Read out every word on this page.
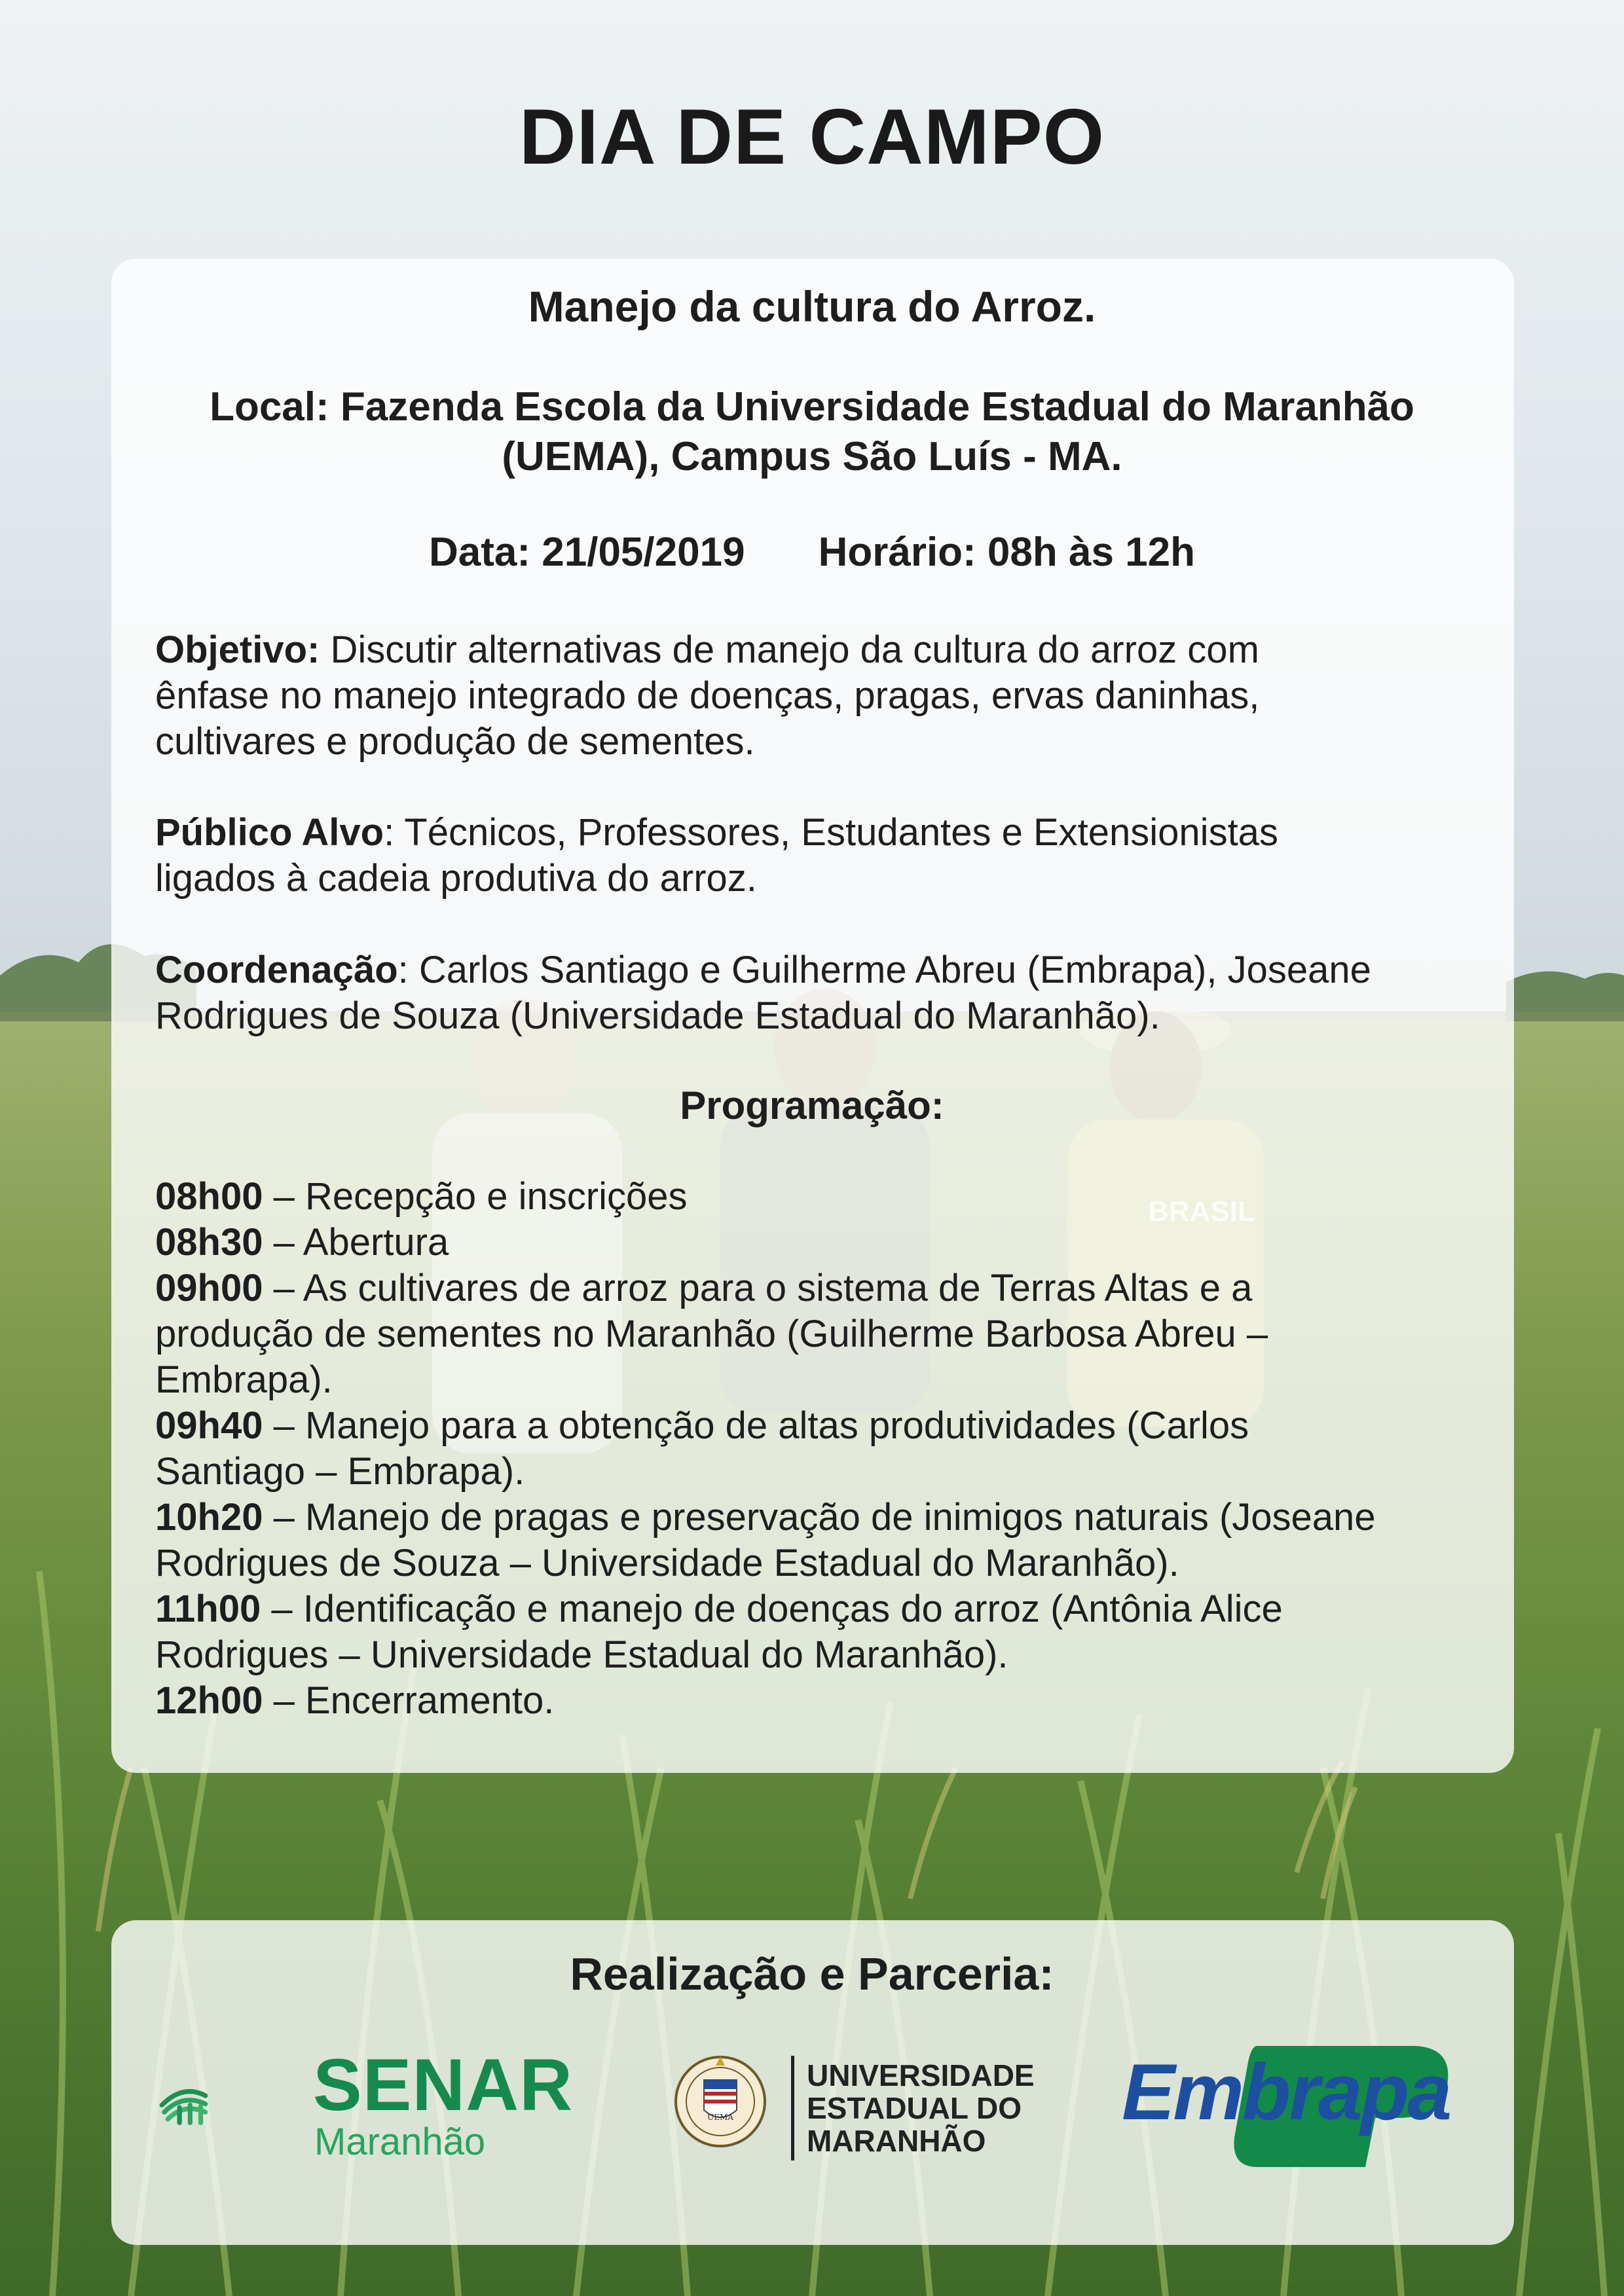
DIA DE CAMPO
Manejo da cultura do Arroz.
Local: Fazenda Escola da Universidade Estadual do Maranhão
(UEMA), Campus São Luís - MA.
Data: 21/05/2019 Horário: 08h às 12h
Objetivo: Discutir alternativas de manejo da cultura do arroz com
ênfase no manejo integrado de doenças, pragas, ervas daninhas,
cultivares e produção de sementes.
Público Alvo: Técnicos, Professores, Estudantes e Extensionistas
ligados à cadeia produtiva do arroz.
Coordenação: Carlos Santiago e Guilherme Abreu (Embrapa), Joseane
Rodrigues de Souza (Universidade Estadual do Maranhão).
Programação:
08h00 – Recepção e inscrições
08h30 – Abertura
09h00 – As cultivares de arroz para o sistema de Terras Altas e a
produção de sementes no Maranhão (Guilherme Barbosa Abreu –
Embrapa).
09h40 – Manejo para a obtenção de altas produtividades (Carlos
Santiago – Embrapa).
10h20 – Manejo de pragas e preservação de inimigos naturais (Joseane
Rodrigues de Souza – Universidade Estadual do Maranhão).
11h00 – Identificação e manejo de doenças do arroz (Antônia Alice
Rodrigues – Universidade Estadual do Maranhão).
12h00 – Encerramento.
Realização e Parceria:
SENAR
Maranhão
UEMA
UNIVERSIDADE
ESTADUAL DO
MARANHÃO
Embrapa
